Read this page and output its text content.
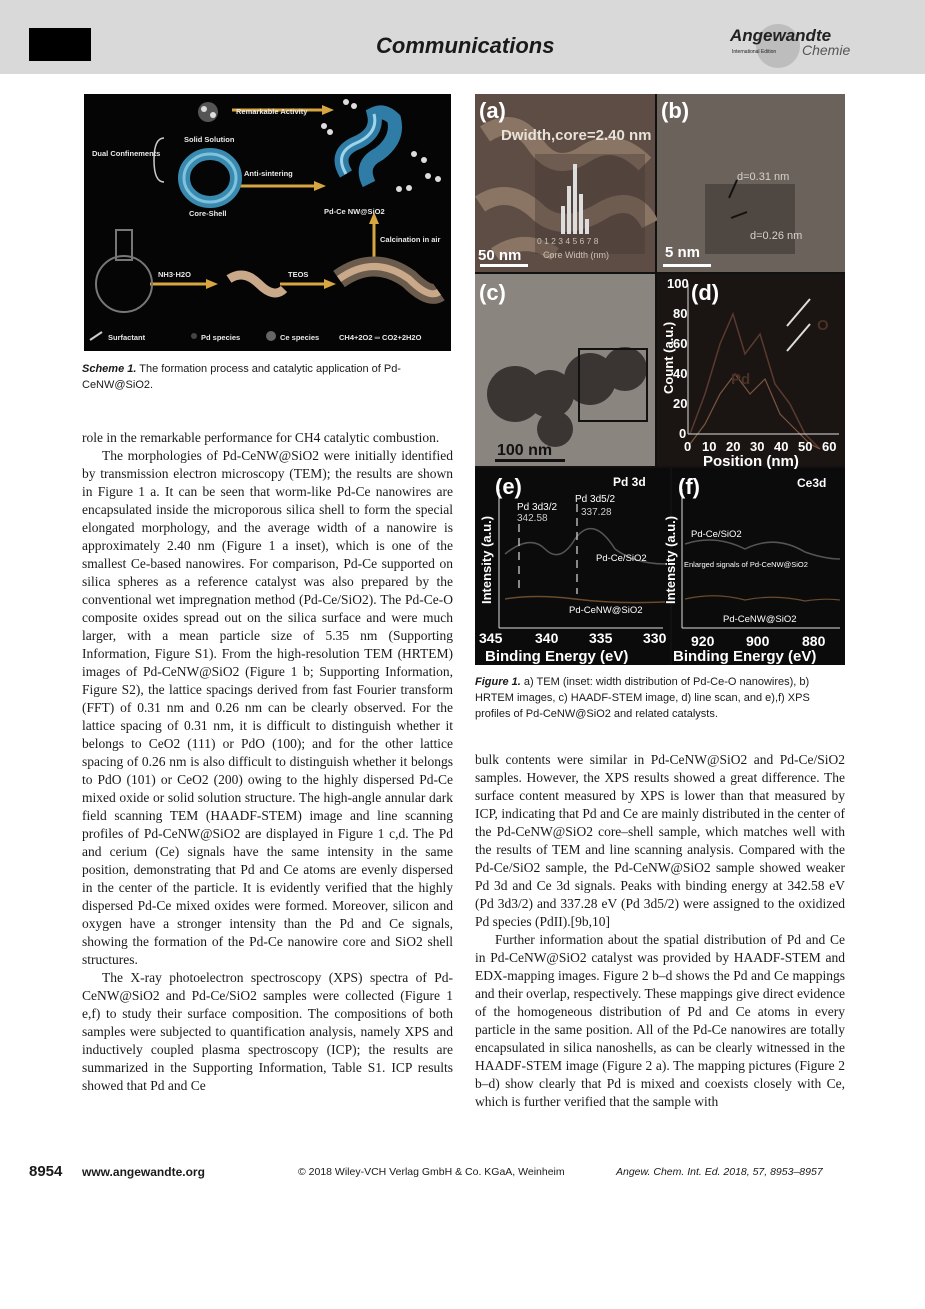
GDCh	Communications	Angewandte
International Edition Chemie
Remarkable Activity
Solid Solution
Dual Confinements
Anti-sintering
Core-Shell	Pd-Ce NW@SiO2
Calcination in air
NH3·H2O	TEOS
Surfactant	Pd species	Ce species	CH4+2O2 ═ CO2+2H2O
Scheme 1. The formation process and catalytic application of Pd-CeNW@SiO2.
(a)	(b)
(c)	(d)
(e)	(f)
Dwidth,core=2.40 nm
50 nm
0 1 2 3 4 5 6 7 8
Core Width (nm)
d=0.31 nm
d=0.26 nm
5 nm
100 nm
Count (a.u.)
100
80
60
40
20
0
0 10 20 30 40 50 60
Position (nm)
Pd
O
Pd 3d
Pd 3d3/2
342.58
Pd 3d5/2
337.28
Pd-Ce/SiO2
Pd-CeNW@SiO2
Intensity (a.u.)
345 340 335 330
Binding Energy (eV)
Ce3d
Pd-Ce/SiO2
Enlarged signals of Pd-CeNW@SiO2
Pd-CeNW@SiO2
Intensity (a.u.)
920 900 880
Binding Energy (eV)
Figure 1. a) TEM (inset: width distribution of Pd-Ce-O nanowires), b) HRTEM images, c) HAADF-STEM image, d) line scan, and e),f) XPS profiles of Pd-CeNW@SiO2 and related catalysts.

role in the remarkable performance for CH4 catalytic combustion.

The morphologies of Pd-CeNW@SiO2 were initially identified by transmission electron microscopy (TEM); the results are shown in Figure 1 a. It can be seen that worm-like Pd-Ce nanowires are encapsulated inside the microporous silica shell to form the special elongated morphology, and the average width of a nanowire is approximately 2.40 nm (Figure 1 a inset), which is one of the smallest Ce-based nanowires. For comparison, Pd-Ce supported on silica spheres as a reference catalyst was also prepared by the conventional wet impregnation method (Pd-Ce/SiO2). The Pd-Ce-O composite oxides spread out on the silica surface and were much larger, with a mean particle size of 5.35 nm (Supporting Information, Figure S1). From the high-resolution TEM (HRTEM) images of Pd-CeNW@SiO2 (Figure 1 b; Supporting Information, Figure S2), the lattice spacings derived from fast Fourier transform (FFT) of 0.31 nm and 0.26 nm can be clearly observed. For the lattice spacing of 0.31 nm, it is difficult to distinguish whether it belongs to CeO2 (111) or PdO (100); and for the other lattice spacing of 0.26 nm is also difficult to distinguish whether it belongs to PdO (101) or CeO2 (200) owing to the highly dispersed Pd-Ce mixed oxide or solid solution structure. The high-angle annular dark field scanning TEM (HAADF-STEM) image and line scanning profiles of Pd-CeNW@SiO2 are displayed in Figure 1 c,d. The Pd and cerium (Ce) signals have the same intensity in the same position, demonstrating that Pd and Ce atoms are evenly dispersed in the center of the particle. It is evidently verified that the highly dispersed Pd-Ce mixed oxides were formed. Moreover, silicon and oxygen have a stronger intensity than the Pd and Ce signals, showing the formation of the Pd-Ce nanowire core and SiO2 shell structures.

The X-ray photoelectron spectroscopy (XPS) spectra of Pd-CeNW@SiO2 and Pd-Ce/SiO2 samples were collected (Figure 1 e,f) to study their surface composition. The compositions of both samples were subjected to quantification analysis, namely XPS and inductively coupled plasma spectroscopy (ICP); the results are summarized in the Supporting Information, Table S1. ICP results showed that Pd and Ce

bulk contents were similar in Pd-CeNW@SiO2 and Pd-Ce/SiO2 samples. However, the XPS results showed a great difference. The surface content measured by XPS is lower than that measured by ICP, indicating that Pd and Ce are mainly distributed in the center of the Pd-CeNW@SiO2 core–shell sample, which matches well with the results of TEM and line scanning analysis. Compared with the Pd-Ce/SiO2 sample, the Pd-CeNW@SiO2 sample showed weaker Pd 3d and Ce 3d signals. Peaks with binding energy at 342.58 eV (Pd 3d3/2) and 337.28 eV (Pd 3d5/2) were assigned to the oxidized Pd species (PdII).[9b,10]

Further information about the spatial distribution of Pd and Ce in Pd-CeNW@SiO2 catalyst was provided by HAADF-STEM and EDX-mapping images. Figure 2 b–d shows the Pd and Ce mappings and their overlap, respectively. These mappings give direct evidence of the homogeneous distribution of Pd and Ce atoms in every particle in the same position. All of the Pd-Ce nanowires are totally encapsulated in silica nanoshells, as can be clearly witnessed in the HAADF-STEM image (Figure 2 a). The mapping pictures (Figure 2 b–d) show clearly that Pd is mixed and coexists closely with Ce, which is further verified that the sample with

8954 www.angewandte.org	© 2018 Wiley-VCH Verlag GmbH & Co. KGaA, Weinheim	Angew. Chem. Int. Ed. 2018, 57, 8953–8957
